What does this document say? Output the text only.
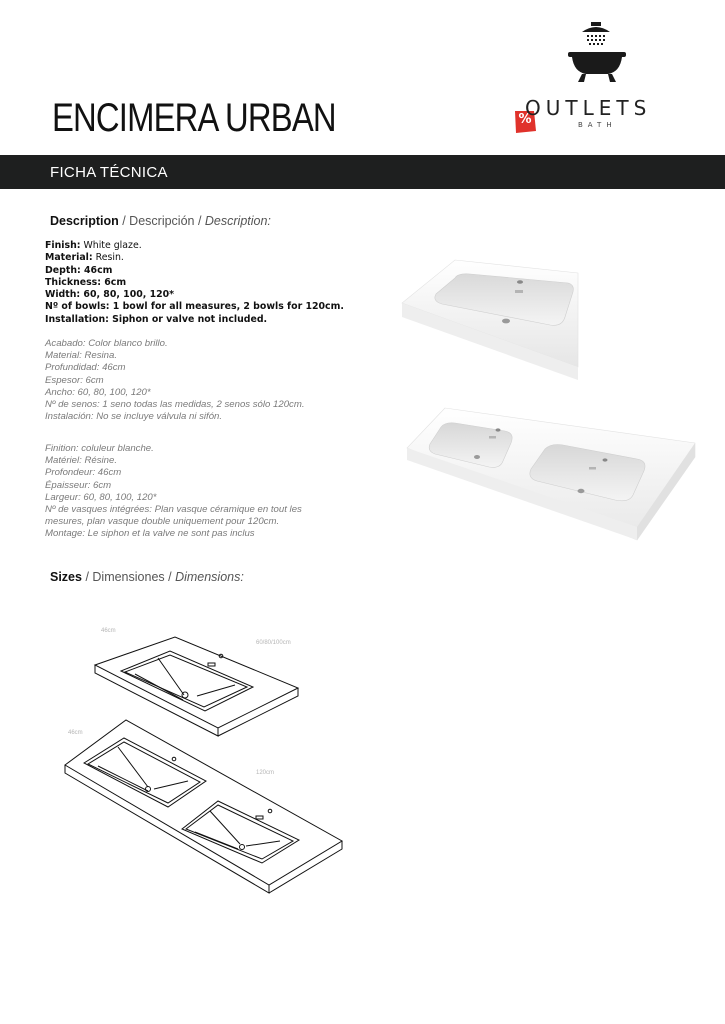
ENCIMERA URBAN	%
OUTLETS
BATH
FICHA TÉCNICA
Description / Descripción / Description:
Finish: White glaze.
Material: Resin.
Depth: 46cm
Thickness: 6cm
Width: 60, 80, 100, 120*
Nº of bowls: 1 bowl for all measures, 2 bowls for 120cm.
Installation: Siphon or valve not included.
Acabado: Color blanco brillo.
Material: Resina.
Profundidad: 46cm
Espesor: 6cm
Ancho: 60, 80, 100, 120*
Nº de senos: 1 seno todas las medidas, 2 senos sólo 120cm.
Instalación: No se incluye válvula ni sifón.
Finition: coluleur blanche.
Matériel: Résine.
Profondeur: 46cm
Épaisseur: 6cm
Largeur: 60, 80, 100, 120*
Nº de vasques intégrées: Plan vasque céramique en tout les
mesures, plan vasque double uniquement pour 120cm.
Montage: Le siphon et la valve ne sont pas inclus
Sizes / Dimensiones / Dimensions:
46cm
60/80/100cm
46cm
120cm
